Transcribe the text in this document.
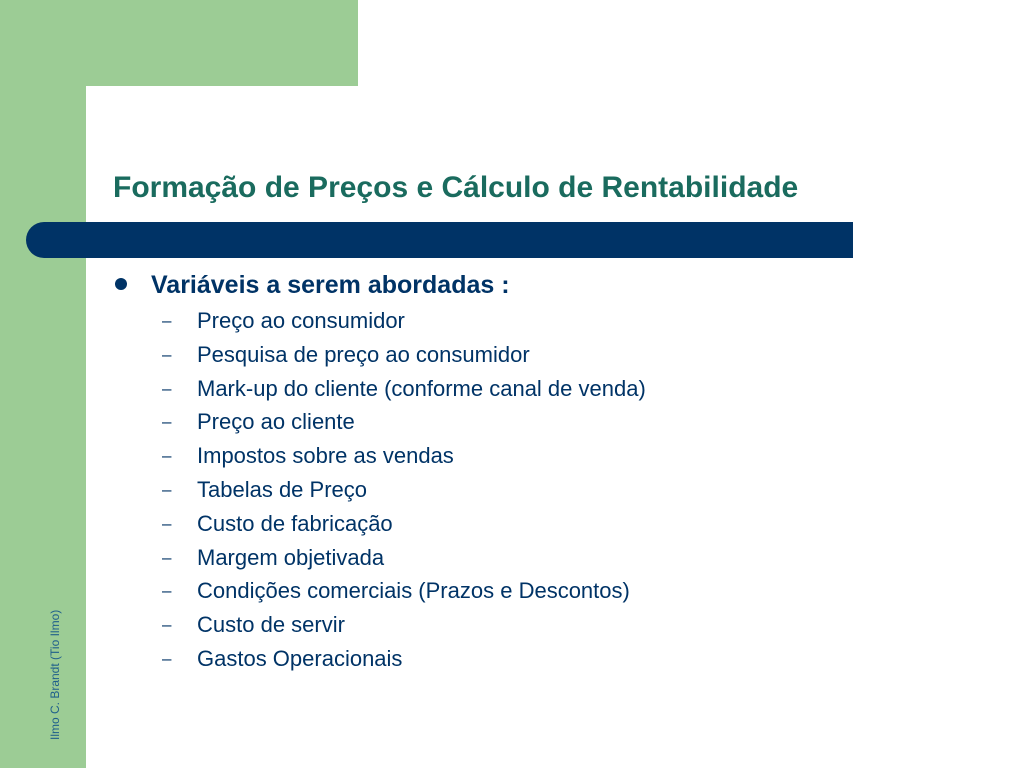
Formação de Preços e Cálculo de Rentabilidade
Variáveis a serem abordadas :
– Preço ao consumidor
– Pesquisa de preço ao consumidor
– Mark-up do cliente (conforme canal de venda)
– Preço ao cliente
– Impostos sobre as vendas
– Tabelas de Preço
– Custo de fabricação
– Margem objetivada
– Condições comerciais (Prazos e Descontos)
– Custo de servir
– Gastos Operacionais
Ilmo C. Brandt (Tio Ilmo)
